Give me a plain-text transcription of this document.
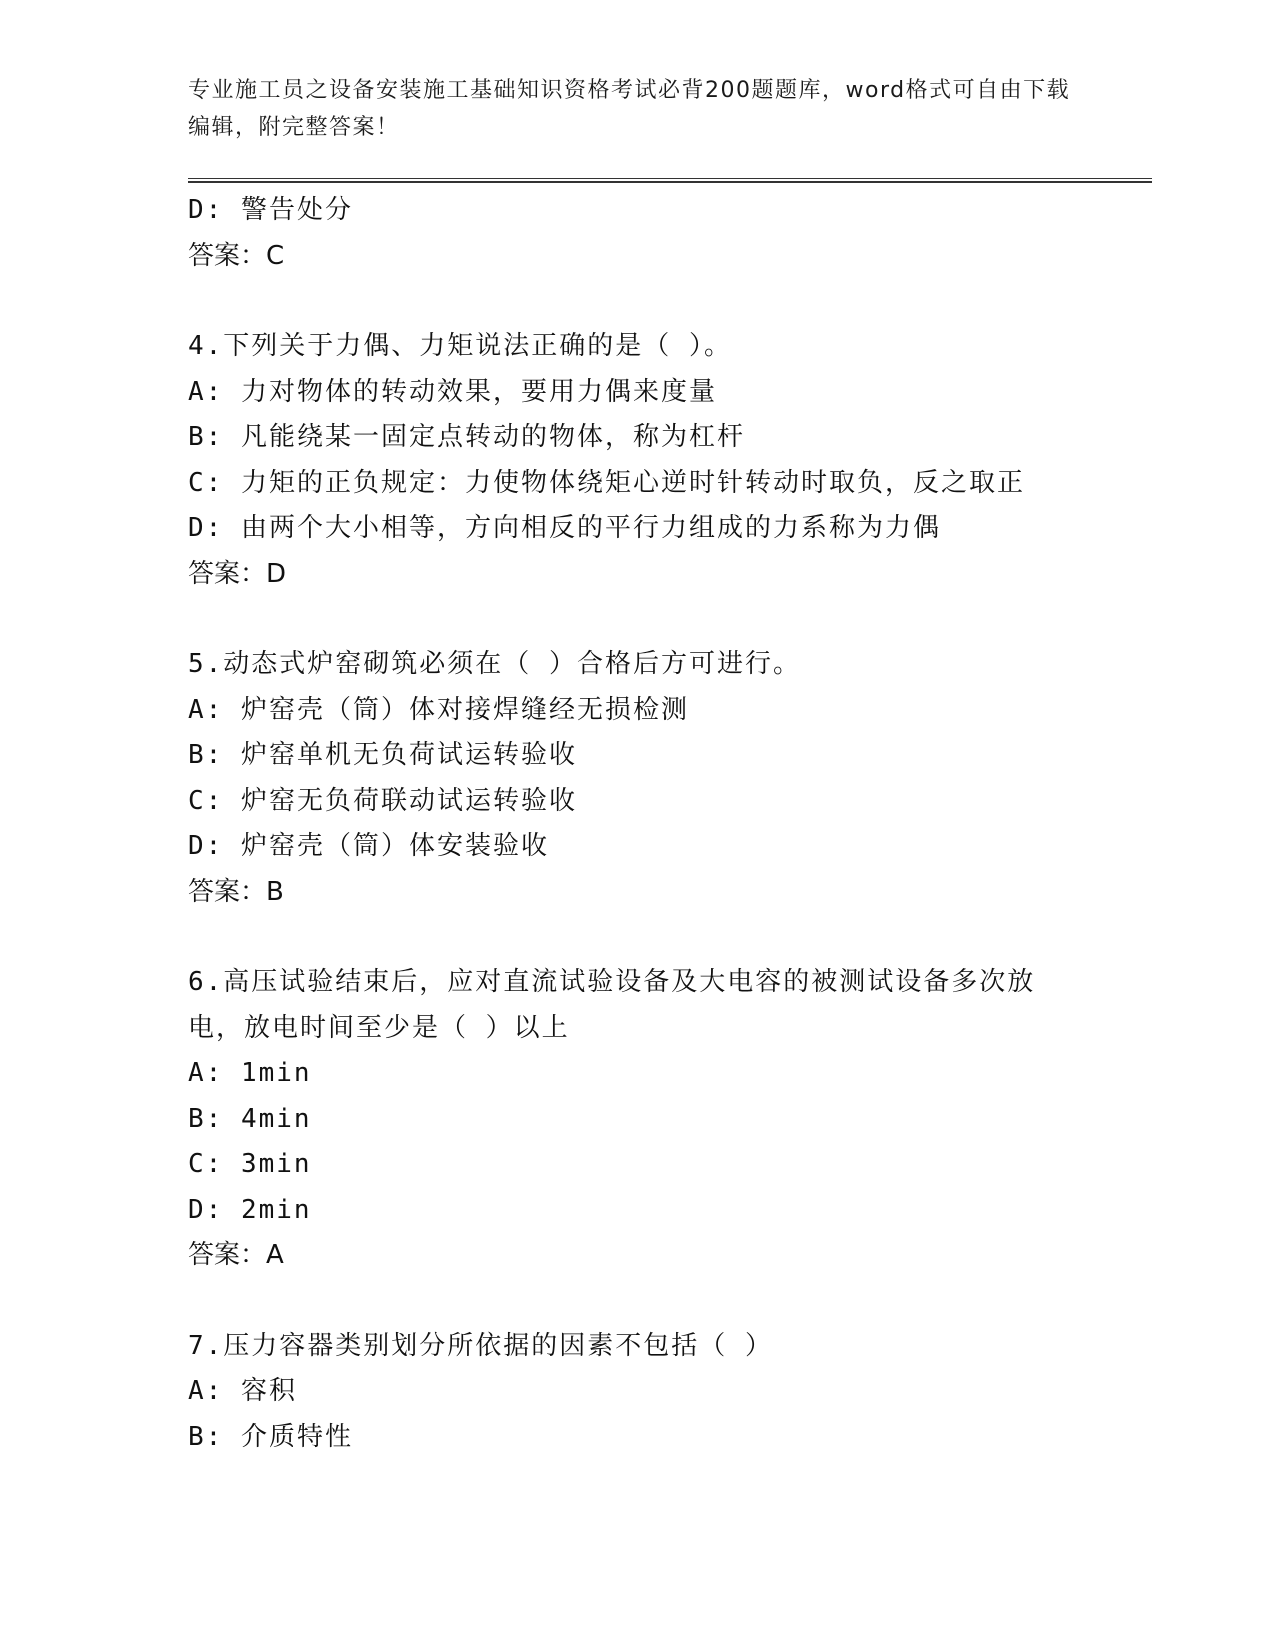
专业施工员之设备安装施工基础知识资格考试必背200题题库，word格式可自由下载编辑，附完整答案！
D: 警告处分
答案：C
4.下列关于力偶、力矩说法正确的是（ ）。
A: 力对物体的转动效果，要用力偶来度量
B: 凡能绕某一固定点转动的物体，称为杠杆
C: 力矩的正负规定：力使物体绕矩心逆时针转动时取负，反之取正
D: 由两个大小相等，方向相反的平行力组成的力系称为力偶
答案：D
5.动态式炉窑砌筑必须在（ ）合格后方可进行。
A: 炉窑壳（筒）体对接焊缝经无损检测
B: 炉窑单机无负荷试运转验收
C: 炉窑无负荷联动试运转验收
D: 炉窑壳（筒）体安装验收
答案：B
6.高压试验结束后，应对直流试验设备及大电容的被测试设备多次放电，放电时间至少是（ ）以上
A: 1min
B: 4min
C: 3min
D: 2min
答案：A
7.压力容器类别划分所依据的因素不包括（ ）
A: 容积
B: 介质特性
